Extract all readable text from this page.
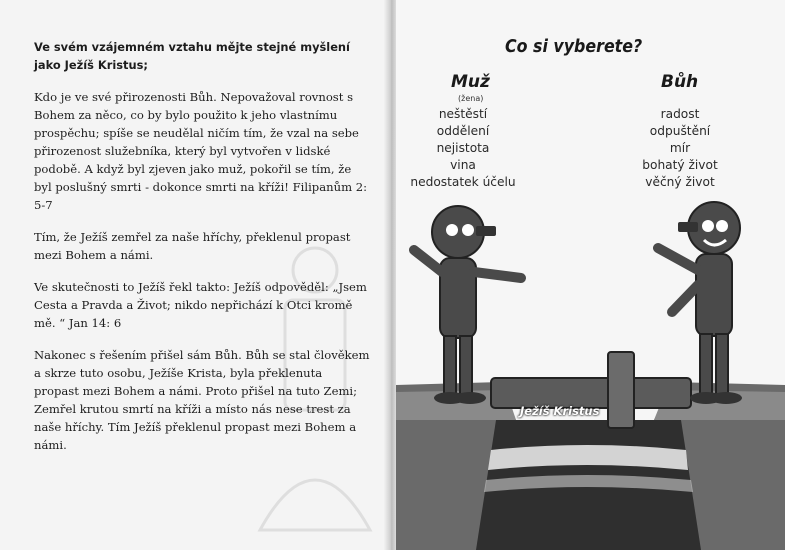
Ve svém vzájemném vztahu mějte stejné myšlení jako Ježíš Kristus;

Kdo je ve své přirozenosti Bůh. Nepovažoval rovnost s Bohem za něco, co by bylo použito k jeho vlastnímu prospěchu; spíše se neudělal ničím tím, že vzal na sebe přirozenost služebníka, který byl vytvořen v lidské podobě. A když byl zjeven jako muž, pokořil se tím, že byl poslušný smrti - dokonce smrti na kříži! Filipanům 2: 5-7

Tím, že Ježíš zemřel za naše hříchy, překlenul propast mezi Bohem a námi.

Ve skutečnosti to Ježíš řekl takto: Ježíš odpověděl: „Jsem Cesta a Pravda a Život; nikdo nepřichází k Otci kromě mě. “ Jan 14: 6

Nakonec s řešením přišel sám Bůh. Bůh se stal člověkem a skrze tuto osobu, Ježíše Krista, byla překlenuta propast mezi Bohem a námi. Proto přišel na tuto Zemi; Zemřel krutou smrtí na kříži a místo nás nese trest za naše hříchy. Tím Ježíš překlenul propast mezi Bohem a námi.

Co si vyberete?
Muž
(žena)
Bůh
neštěstí
oddělení
nejistota
vina
nedostatek účelu
radost
odpuštění
mír
bohatý život
věčný život
Ježíš Kristus
